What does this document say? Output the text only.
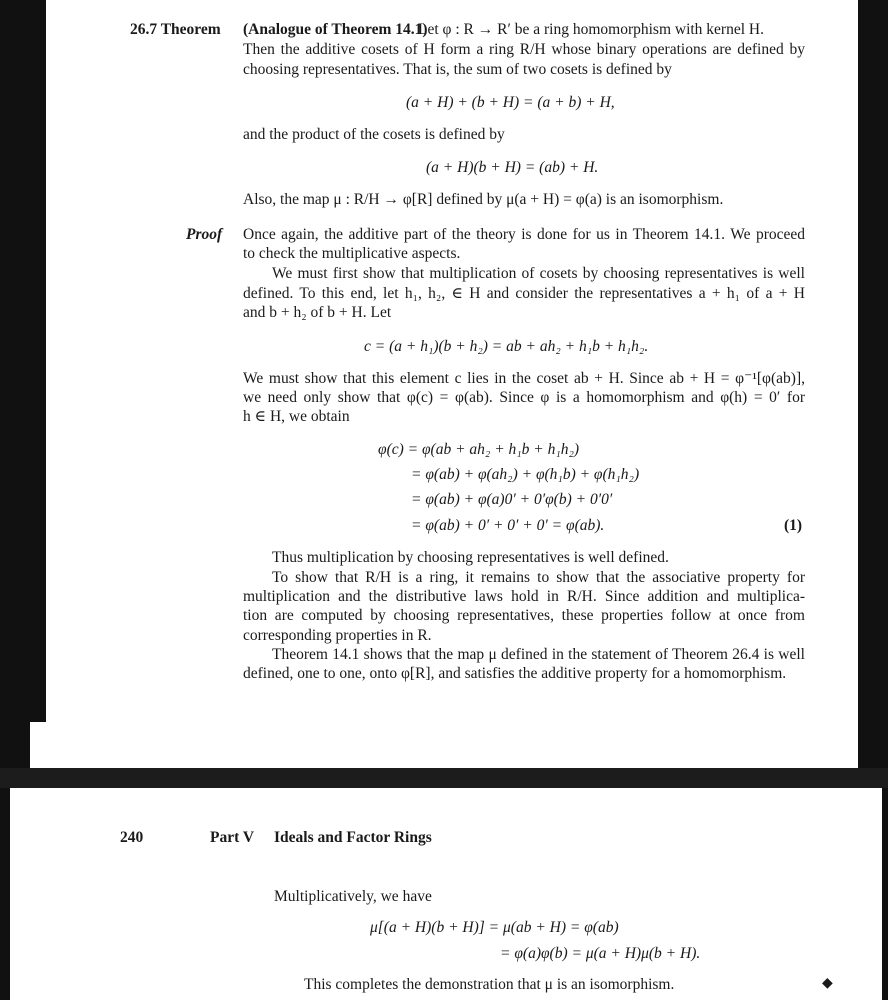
26.7 Theorem (Analogue of Theorem 14.1)
Let φ : R → R′ be a ring homomorphism with kernel H.
Then the additive cosets of H form a ring R/H whose binary operations are defined by
choosing representatives. That is, the sum of two cosets is defined by
(a + H) + (b + H) = (a + b) + H,
and the product of the cosets is defined by
(a + H)(b + H) = (ab) + H.
Also, the map μ : R/H → φ[R] defined by μ(a + H) = φ(a) is an isomorphism.
Proof Once again, the additive part of the theory is done for us in Theorem 14.1. We proceed
to check the multiplicative aspects.
We must first show that multiplication of cosets by choosing representatives is well
defined. To this end, let h₁, h₂, ∈ H and consider the representatives a + h₁ of a + H
and b + h₂ of b + H. Let
c = (a + h₁)(b + h₂) = ab + ah₂ + h₁b + h₁h₂.
We must show that this element c lies in the coset ab + H. Since ab + H = φ⁻¹[φ(ab)],
we need only show that φ(c) = φ(ab). Since φ is a homomorphism and φ(h) = 0′ for
h ∈ H, we obtain
φ(c) = φ(ab + ah₂ + h₁b + h₁h₂)
= φ(ab) + φ(ah₂) + φ(h₁b) + φ(h₁h₂)
= φ(ab) + φ(a)0′ + 0′φ(b) + 0′0′
= φ(ab) + 0′ + 0′ + 0′ = φ(ab).	(1)
Thus multiplication by choosing representatives is well defined.
To show that R/H is a ring, it remains to show that the associative property for
multiplication and the distributive laws hold in R/H. Since addition and multiplica-
tion are computed by choosing representatives, these properties follow at once from
corresponding properties in R.
Theorem 14.1 shows that the map μ defined in the statement of Theorem 26.4 is well
defined, one to one, onto φ[R], and satisfies the additive property for a homomorphism.
240	Part V Ideals and Factor Rings
Multiplicatively, we have
μ[(a + H)(b + H)] = μ(ab + H) = φ(ab)
= φ(a)φ(b) = μ(a + H)μ(b + H).
This completes the demonstration that μ is an isomorphism.	◆
